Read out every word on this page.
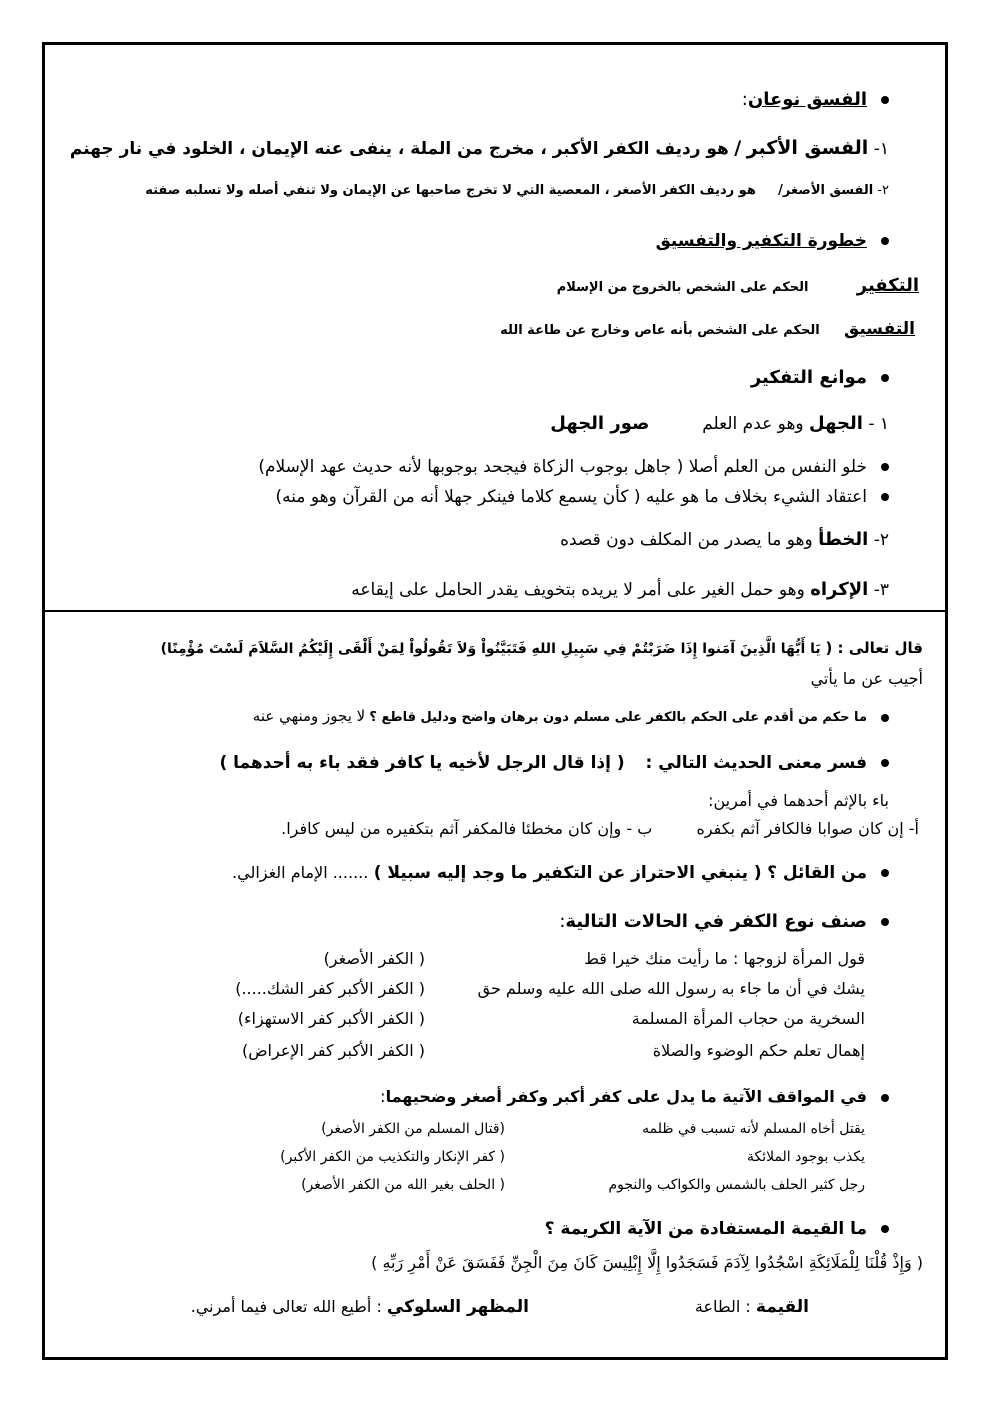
الفسق نوعان:
١- الفسق الأكبر / هو رديف الكفر الأكبر ، مخرج من الملة ، ينفى عنه الإيمان ، الخلود في نار جهنم
٢- الفسق الأصغر/  هو رديف الكفر الأصغر ، المعصية التي لا تخرج صاحبها عن الإيمان ولا تنفي أصله ولا تسلبه صفته
خطورة التكفير والتفسيق
التكفير  الحكم على الشخص بالخروج من الإسلام
التفسيق  الحكم على الشخص بأنه عاص وخارج عن طاعة الله
موانع التفكير
١ - الجهل وهو عدم العلم  صور الجهل
خلو النفس من العلم أصلا ( جاهل بوجوب الزكاة فيجحد بوجوبها لأنه حديث عهد الإسلام)
اعتقاد الشيء بخلاف ما هو عليه ( كأن يسمع كلاما فينكر جهلا أنه من القرآن وهو منه)
٢- الخطأ وهو ما يصدر من المكلف دون قصده
٣- الإكراه وهو حمل الغير على أمر لا يريده بتخويف يقدر الحامل على إيقاعه
قال تعالى : ( يَا أَيُّهَا الَّذِينَ آمَنوا إِذَا ضَرَبْتُمْ فِي سَبِيلِ اللهِ فَتَبَيَّنُواْ وَلاَ تَقُولُواْ لِمَنْ أَلْقَى إِلَيْكُمُ السَّلاَمَ لَسْتَ مُؤْمِنًا)
أجيب عن ما يأتي
ما حكم من أقدم على الحكم بالكفر على مسلم دون برهان واضح ودليل قاطع ؟ لا يجوز ومنهي عنه
فسر معنى الحديث التالي :  ( إذا قال الرجل لأخيه يا كافر فقد باء به أحدهما )
باء بالإثم أحدهما في أمرين:
أ- إن كان صوابا فالكافر آثم بكفره  ب - وإن كان مخطئا فالمكفر آثم بتكفيره من ليس كافرا.
من القائل ؟ ( ينبغي الاحتراز عن التكفير ما وجد إليه سبيلا ) ....... الإمام الغزالي.
صنف نوع الكفر في الحالات التالية:
قول المرأة لزوجها : ما رأيت منك خيرا قط
( الكفر الأصغر)
يشك في أن ما جاء به رسول الله صلى الله عليه وسلم حق
( الكفر الأكبر كفر الشك.....)
السخرية من حجاب المرأة المسلمة
( الكفر الأكبر كفر الاستهزاء)
إهمال تعلم حكم الوضوء والصلاة
( الكفر الأكبر كفر الإعراض)
في المواقف الآتية ما يدل على كفر أكبر وكفر أصغر وضحيهما:
يقتل أخاه المسلم لأنه تسبب في ظلمه
(قتال المسلم من الكفر الأصغر)
يكذب بوجود الملائكة
( كفر الإنكار والتكذيب من الكفر الأكبر)
رجل كثير الحلف بالشمس والكواكب والنجوم
( الحلف بغير الله من الكفر الأصغر)
ما القيمة المستفادة من الآية الكريمة ؟
( وَإِذْ قُلْنَا لِلْمَلَائِكَةِ اسْجُدُوا لِآدَمَ فَسَجَدُوا إِلَّا إِبْلِيسَ كَانَ مِنَ الْجِنِّ فَفَسَقَ عَنْ أَمْرِ رَبِّهِ )
القيمة : الطاعة
المظهر السلوكي : أطيع الله تعالى فيما أمرني.
